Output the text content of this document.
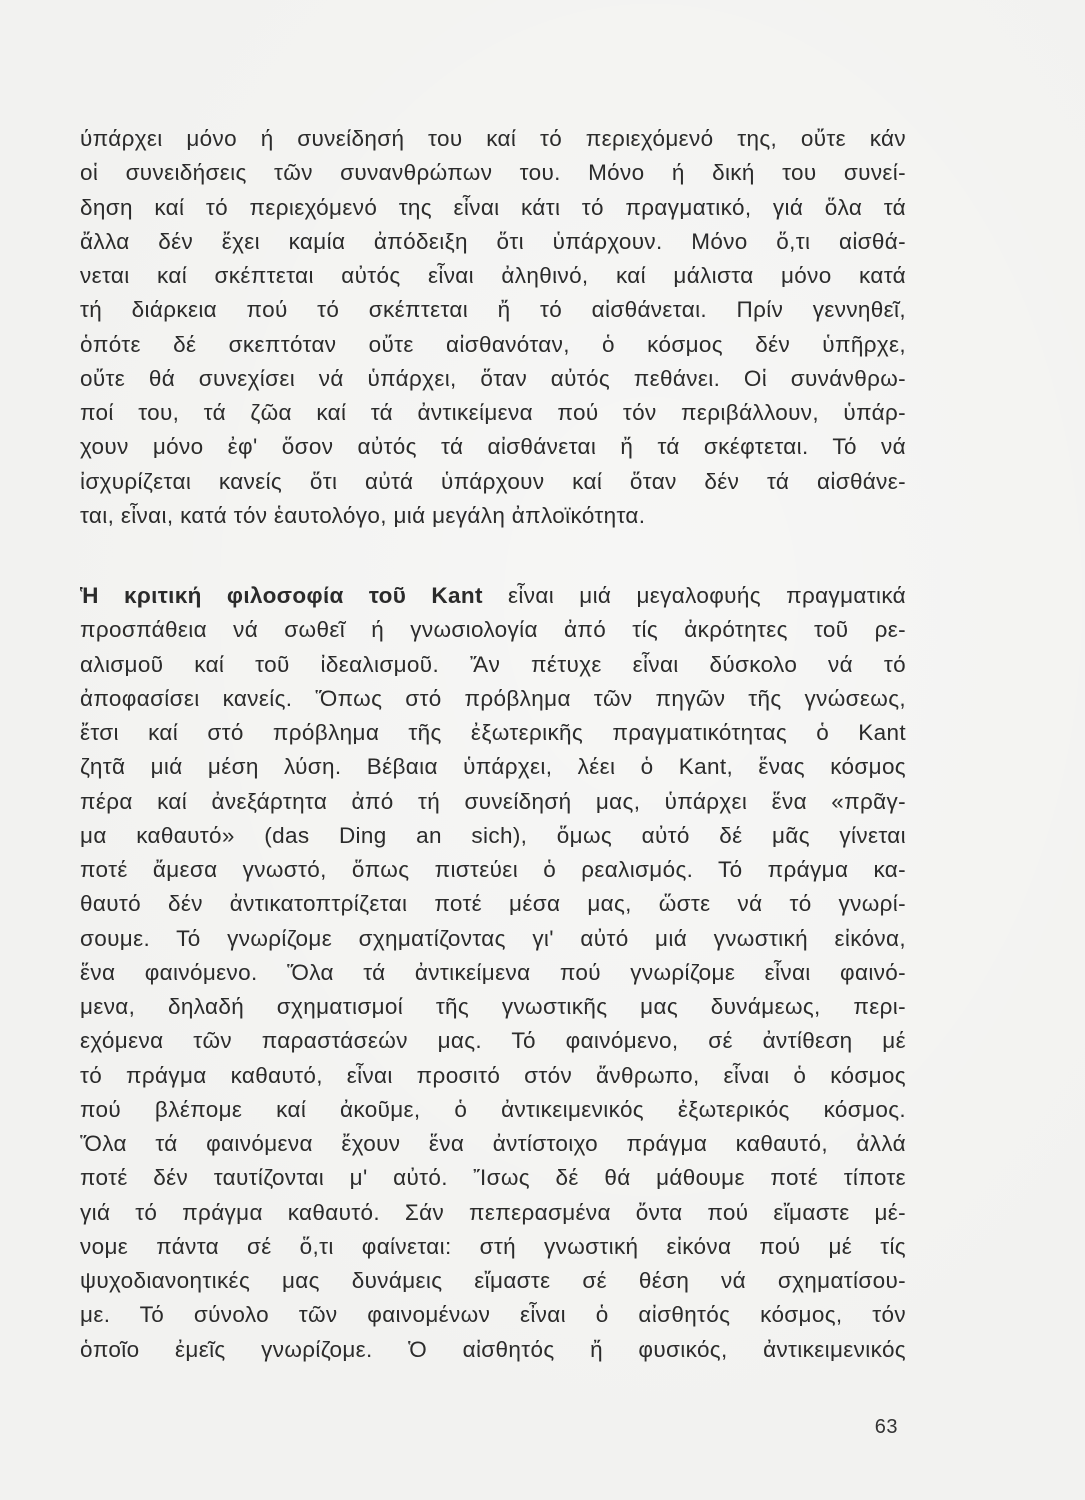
ύπάρχει μόνο ή συνείδησή του καί τό περιεχόμενό της, οὔτε κάν
οἱ συνειδήσεις τῶν συνανθρώπων του. Μόνο ή δική του συνεί-
δηση καί τό περιεχόμενό της εἶναι κάτι τό πραγματικό, γιά ὅλα τά
ἄλλα δέν ἔχει καμία ἀπόδειξη ὅτι ὑπάρχουν. Μόνο ὅ,τι αἰσθά-
νεται καί σκέπτεται αὐτός εἶναι ἀληθινό, καί μάλιστα μόνο κατά
τή διάρκεια πού τό σκέπτεται ἤ τό αἰσθάνεται. Πρίν γεννηθεῖ,
ὁπότε δέ σκεπτόταν οὔτε αἰσθανόταν, ὁ κόσμος δέν ὑπῆρχε,
οὔτε θά συνεχίσει νά ὑπάρχει, ὅταν αὐτός πεθάνει. Οἱ συνάνθρω-
ποί του, τά ζῶα καί τά ἀντικείμενα πού τόν περιβάλλουν, ὑπάρ-
χουν μόνο ἐφ' ὅσον αὐτός τά αἰσθάνεται ἤ τά σκέφτεται. Τό νά
ἰσχυρίζεται κανείς ὅτι αὐτά ὑπάρχουν καί ὅταν δέν τά αἰσθάνε-
ται, εἶναι, κατά τόν ἑαυτολόγο, μιά μεγάλη ἀπλοϊκότητα.
Ἡ κριτική φιλοσοφία τοῦ Kant εἶναι μιά μεγαλοφυής πραγματικά
προσπάθεια νά σωθεῖ ή γνωσιολογία ἀπό τίς ἀκρότητες τοῦ ρε-
αλισμοῦ καί τοῦ ἰδεαλισμοῦ. Ἄν πέτυχε εἶναι δύσκολο νά τό
ἀποφασίσει κανείς. Ὅπως στό πρόβλημα τῶν πηγῶν τῆς γνώσεως,
ἔτσι καί στό πρόβλημα τῆς ἐξωτερικῆς πραγματικότητας ὁ Kant
ζητᾶ μιά μέση λύση. Βέβαια ὑπάρχει, λέει ὁ Kant, ἕνας κόσμος
πέρα καί ἀνεξάρτητα ἀπό τή συνείδησή μας, ὑπάρχει ἕνα «πρᾶγ-
μα καθαυτό» (das Ding an sich), ὅμως αὐτό δέ μᾶς γίνεται
ποτέ ἄμεσα γνωστό, ὅπως πιστεύει ὁ ρεαλισμός. Τό πράγμα κα-
θαυτό δέν ἀντικατοπτρίζεται ποτέ μέσα μας, ὥστε νά τό γνωρί-
σουμε. Τό γνωρίζομε σχηματίζοντας γι' αὐτό μιά γνωστική εἰκόνα,
ἕνα φαινόμενο. Ὅλα τά ἀντικείμενα πού γνωρίζομε εἶναι φαινό-
μενα, δηλαδή σχηματισμοί τῆς γνωστικῆς μας δυνάμεως, περι-
εχόμενα τῶν παραστάσεών μας. Τό φαινόμενο, σέ ἀντίθεση μέ
τό πράγμα καθαυτό, εἶναι προσιτό στόν ἄνθρωπο, εἶναι ὁ κόσμος
πού βλέπομε καί ἀκοῦμε, ὁ ἀντικειμενικός ἐξωτερικός κόσμος.
Ὅλα τά φαινόμενα ἔχουν ἕνα ἀντίστοιχο πράγμα καθαυτό, ἀλλά
ποτέ δέν ταυτίζονται μ' αὐτό. Ἴσως δέ θά μάθουμε ποτέ τίποτε
γιά τό πράγμα καθαυτό. Σάν πεπερασμένα ὄντα πού εἴμαστε μέ-
νομε πάντα σέ ὅ,τι φαίνεται: στή γνωστική εἰκόνα πού μέ τίς
ψυχοδιανοητικές μας δυνάμεις εἴμαστε σέ θέση νά σχηματίσου-
με. Τό σύνολο τῶν φαινομένων εἶναι ὁ αἰσθητός κόσμος, τόν
ὁποῖο ἐμεῖς γνωρίζομε. Ὁ αἰσθητός ἤ φυσικός, ἀντικειμενικός
63
